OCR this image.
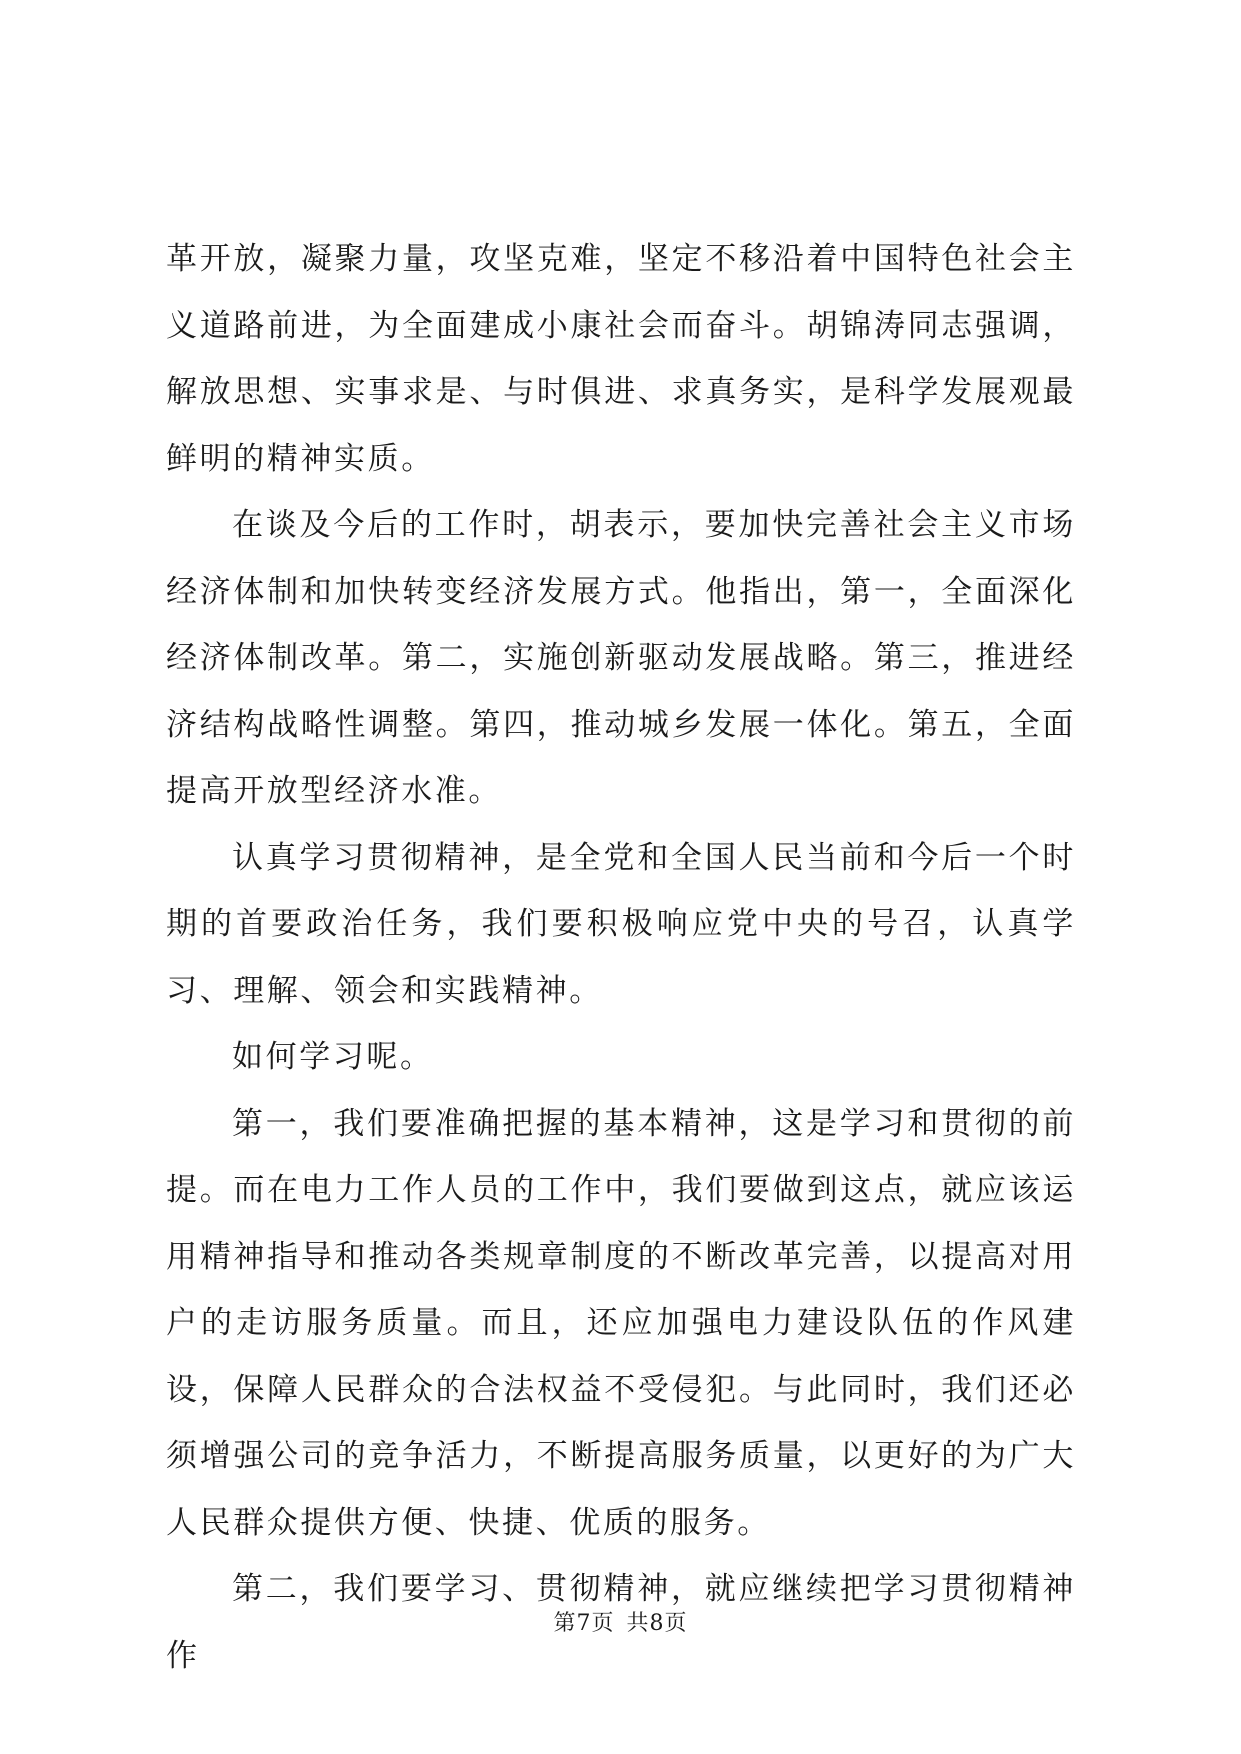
革开放，凝聚力量，攻坚克难，坚定不移沿着中国特色社会主义道路前进，为全面建成小康社会而奋斗。胡锦涛同志强调，解放思想、实事求是、与时俱进、求真务实，是科学发展观最鲜明的精神实质。

在谈及今后的工作时，胡表示，要加快完善社会主义市场经济体制和加快转变经济发展方式。他指出，第一，全面深化经济体制改革。第二，实施创新驱动发展战略。第三，推进经济结构战略性调整。第四，推动城乡发展一体化。第五，全面提高开放型经济水准。

认真学习贯彻精神，是全党和全国人民当前和今后一个时期的首要政治任务，我们要积极响应党中央的号召，认真学习、理解、领会和实践精神。

如何学习呢。

第一，我们要准确把握的基本精神，这是学习和贯彻的前提。而在电力工作人员的工作中，我们要做到这点，就应该运用精神指导和推动各类规章制度的不断改革完善，以提高对用户的走访服务质量。而且，还应加强电力建设队伍的作风建设，保障人民群众的合法权益不受侵犯。与此同时，我们还必须增强公司的竞争活力，不断提高服务质量，以更好的为广大人民群众提供方便、快捷、优质的服务。

第二，我们要学习、贯彻精神，就应继续把学习贯彻精神作

第7页 共8页
